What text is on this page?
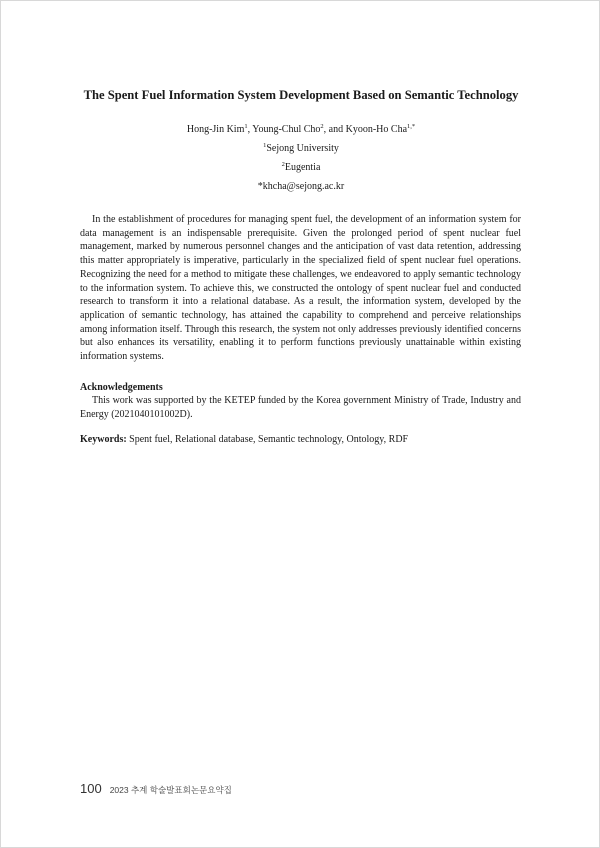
The Spent Fuel Information System Development Based on Semantic Technology
Hong-Jin Kim$^1$, Young-Chul Cho$^2$, and Kyoon-Ho Cha$^{1,*}$
$^1$Sejong University
$^2$Eugentia
*khcha@sejong.ac.kr

In the establishment of procedures for managing spent fuel, the development of an information system for data management is an indispensable prerequisite. Given the prolonged period of spent nuclear fuel management, marked by numerous personnel changes and the anticipation of vast data retention, addressing this matter appropriately is imperative, particularly in the specialized field of spent nuclear fuel operations. Recognizing the need for a method to mitigate these challenges, we endeavored to apply semantic technology to the information system. To achieve this, we constructed the ontology of spent nuclear fuel and conducted research to transform it into a relational database. As a result, the information system, developed by the application of semantic technology, has attained the capability to comprehend and perceive relationships among information itself. Through this research, the system not only addresses previously identified concerns but also enhances its versatility, enabling it to perform functions previously unattainable within existing information systems.

Acknowledgements

This work was supported by the KETEP funded by the Korea government Ministry of Trade, Industry and Energy (2021040101002D).

Keywords: Spent fuel, Relational database, Semantic technology, Ontology, RDF

100 2023 추계 학술발표회논문요약집
